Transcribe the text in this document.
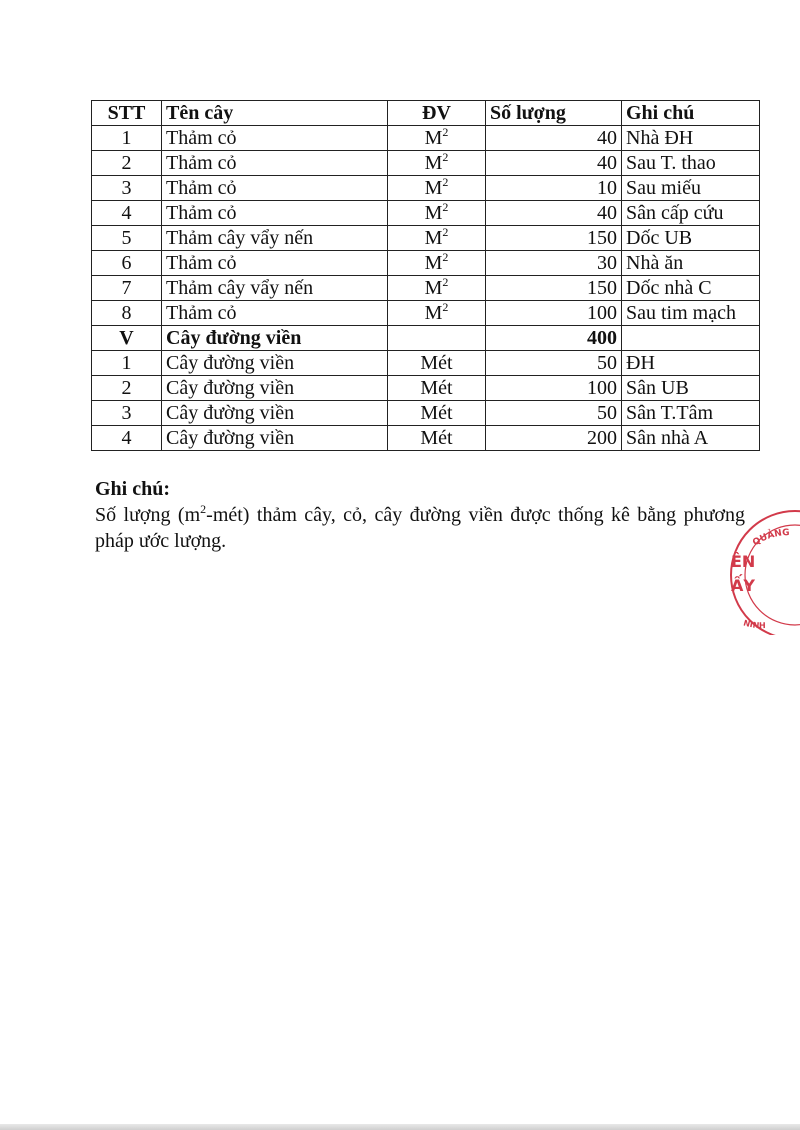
STT	Tên cây	ĐV	Số lượng	Ghi chú
1	Thảm cỏ	$M^2$	40	Nhà ĐH
2	Thảm cỏ	$M^2$	40	Sau T. thao
3	Thảm cỏ	$M^2$	10	Sau miếu
4	Thảm cỏ	$M^2$	40	Sân cấp cứu
5	Thảm cây vẩy nến	$M^2$	150	Dốc UB
6	Thảm cỏ	$M^2$	30	Nhà ăn
7	Thảm cây vẩy nến	$M^2$	150	Dốc nhà C
8	Thảm cỏ	$M^2$	100	Sau tim mạch
V	Cây đường viền		400	
1	Cây đường viền	Mét	50	ĐH
2	Cây đường viền	Mét	100	Sân UB
3	Cây đường viền	Mét	50	Sân T.Tâm
4	Cây đường viền	Mét	200	Sân nhà A
Ghi chú:
Số lượng $(m^2-mét)$ thảm cây, cỏ, cây đường viền được thống kê bằng phương pháp ước lượng.	QUẢNG
NINH
ÊN
ẤY
